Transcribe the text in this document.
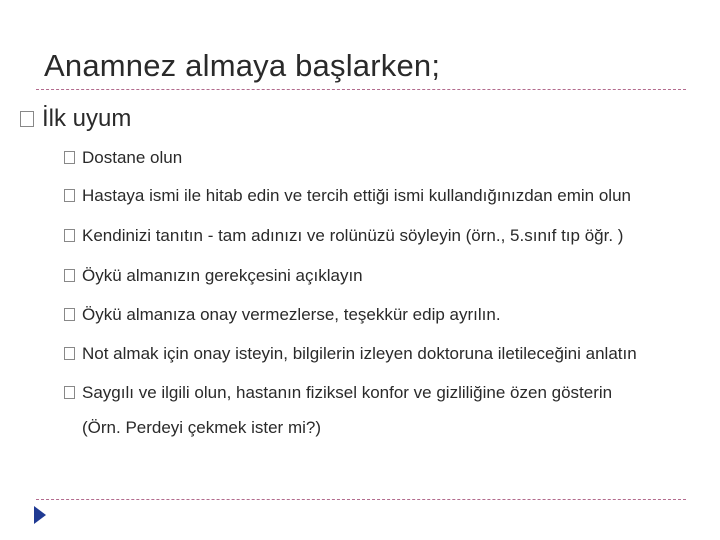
Anamnez almaya başlarken;
İlk uyum
Dostane olun
Hastaya ismi ile hitab edin ve tercih ettiği ismi kullandığınızdan emin olun
Kendinizi tanıtın - tam adınızı ve rolünüzü söyleyin (örn., 5.sınıf tıp öğr. )
Öykü almanızın gerekçesini açıklayın
Öykü almanıza onay vermezlerse, teşekkür edip ayrılın.
Not almak için onay isteyin, bilgilerin izleyen doktoruna iletileceğini anlatın
Saygılı ve ilgili olun, hastanın fiziksel konfor ve gizliliğine özen gösterin
(Örn. Perdeyi çekmek ister mi?)
